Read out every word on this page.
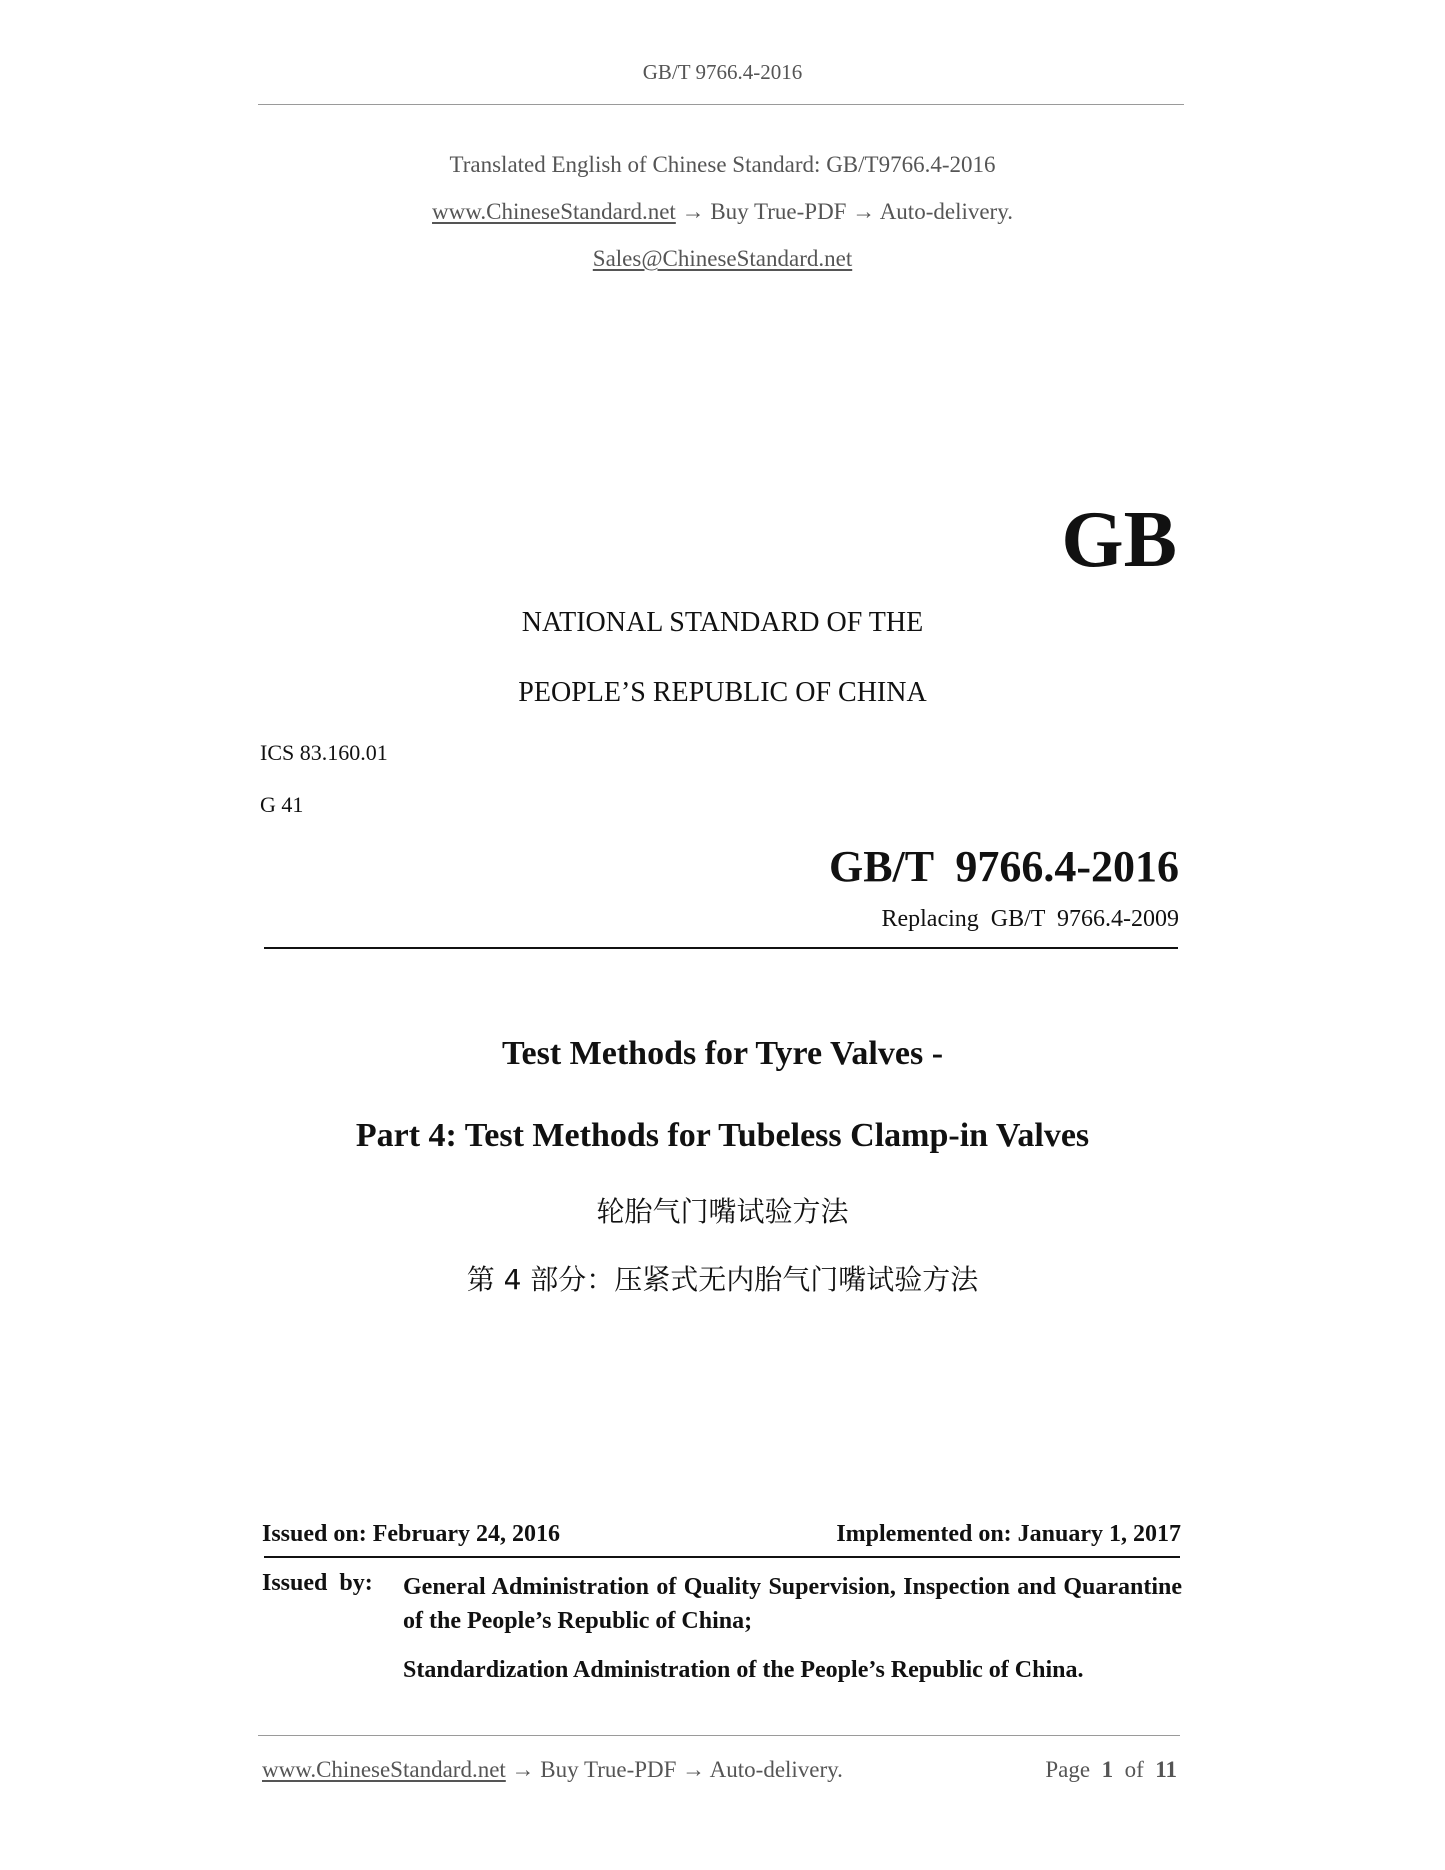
GB/T 9766.4-2016
Translated English of Chinese Standard: GB/T9766.4-2016
www.ChineseStandard.net → Buy True-PDF → Auto-delivery.
Sales@ChineseStandard.net
GB
NATIONAL STANDARD OF THE
PEOPLE’S REPUBLIC OF CHINA
ICS 83.160.01
G 41
GB/T  9766.4-2016
Replacing  GB/T  9766.4-2009
Test Methods for Tyre Valves -
Part 4: Test Methods for Tubeless Clamp-in Valves
轮胎气门嘴试验方法
第 4 部分：压紧式无内胎气门嘴试验方法
Issued on: February 24, 2016	Implemented on: January 1, 2017
Issued  by: General Administration of Quality Supervision, Inspection and Quarantine of the People’s Republic of China;
Standardization Administration of the People’s Republic of China.
www.ChineseStandard.net → Buy True-PDF → Auto-delivery.	Page 1 of 11
